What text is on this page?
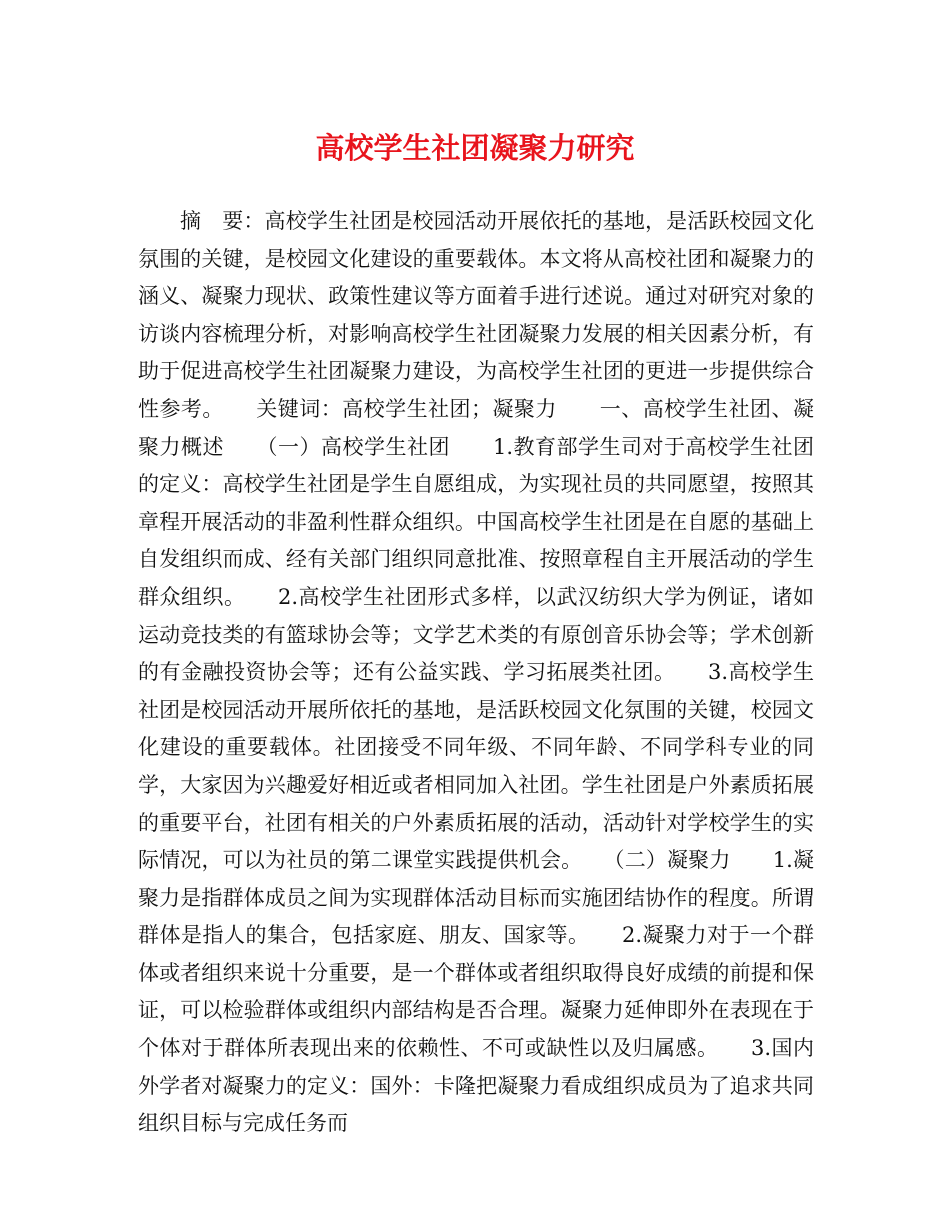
高校学生社团凝聚力研究

摘　要：高校学生社团是校园活动开展依托的基地，是活跃校园文化氛围的关键，是校园文化建设的重要载体。本文将从高校社团和凝聚力的涵义、凝聚力现状、政策性建议等方面着手进行述说。通过对研究对象的访谈内容梳理分析，对影响高校学生社团凝聚力发展的相关因素分析，有助于促进高校学生社团凝聚力建设，为高校学生社团的更进一步提供综合性参考。　　关键词：高校学生社团；凝聚力　　一、高校学生社团、凝聚力概述　　（一）高校学生社团　　1.教育部学生司对于高校学生社团的定义：高校学生社团是学生自愿组成，为实现社员的共同愿望，按照其章程开展活动的非盈利性群众组织。中国高校学生社团是在自愿的基础上自发组织而成、经有关部门组织同意批准、按照章程自主开展活动的学生群众组织。　　2.高校学生社团形式多样，以武汉纺织大学为例证，诸如运动竞技类的有篮球协会等；文学艺术类的有原创音乐协会等；学术创新的有金融投资协会等；还有公益实践、学习拓展类社团。　　3.高校学生社团是校园活动开展所依托的基地，是活跃校园文化氛围的关键，校园文化建设的重要载体。社团接受不同年级、不同年龄、不同学科专业的同学，大家因为兴趣爱好相近或者相同加入社团。学生社团是户外素质拓展的重要平台，社团有相关的户外素质拓展的活动，活动针对学校学生的实际情况，可以为社员的第二课堂实践提供机会。　　（二）凝聚力　　1.凝聚力是指群体成员之间为实现群体活动目标而实施团结协作的程度。所谓群体是指人的集合，包括家庭、朋友、国家等。　　2.凝聚力对于一个群体或者组织来说十分重要，是一个群体或者组织取得良好成绩的前提和保证，可以检验群体或组织内部结构是否合理。凝聚力延伸即外在表现在于个体对于群体所表现出来的依赖性、不可或缺性以及归属感。　　3.国内外学者对凝聚力的定义：国外：卡隆把凝聚力看成组织成员为了追求共同组织目标与完成任务而
